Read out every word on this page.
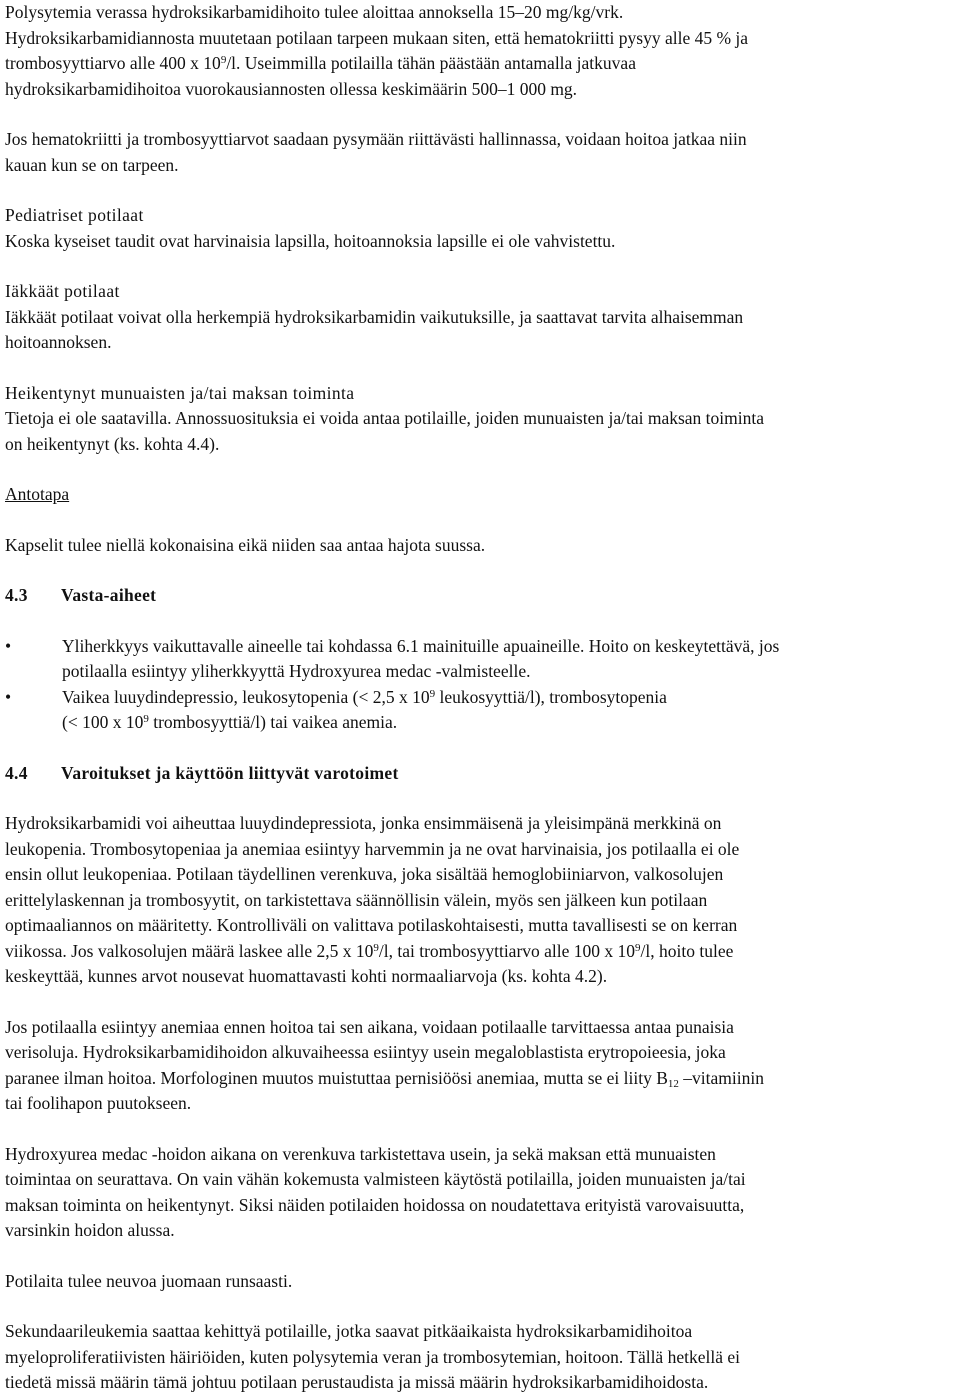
Polysytemia verassa hydroksikarbamidihoito tulee aloittaa annoksella 15–20 mg/kg/vrk.
Hydroksikarbamidiannosta muutetaan potilaan tarpeen mukaan siten, että hematokriitti pysyy alle 45 % ja
trombosyyttiarvo alle 400 x $10^9/l$. Useimmilla potilailla tähän päästään antamalla jatkuvaa
hydroksikarbamidihoitoa vuorokausiannosten ollessa keskimäärin 500–1 000 mg.

Jos hematokriitti ja trombosyyttiarvot saadaan pysymään riittävästi hallinnassa, voidaan hoitoa jatkaa niin
kauan kun se on tarpeen.

Pediatriset potilaat
Koska kyseiset taudit ovat harvinaisia lapsilla, hoitoannoksia lapsille ei ole vahvistettu.

Iäkkäät potilaat
Iäkkäät potilaat voivat olla herkempiä hydroksikarbamidin vaikutuksille, ja saattavat tarvita alhaisemman
hoitoannoksen.

Heikentynyt munuaisten ja/tai maksan toiminta
Tietoja ei ole saatavilla. Annossuosituksia ei voida antaa potilaille, joiden munuaisten ja/tai maksan toiminta
on heikentynyt (ks. kohta 4.4).

Antotapa

Kapselit tulee niellä kokonaisina eikä niiden saa antaa hajota suussa.

4.3	Vasta-aiheet
•	Yliherkkyys vaikuttavalle aineelle tai kohdassa 6.1 mainituille apuaineille. Hoito on keskeytettävä, jos
potilaalla esiintyy yliherkkyyttä Hydroxyurea medac -valmisteelle.
•	Vaikea luuydindepressio, leukosytopenia (< 2,5 x $10^9$ leukosyyttiä/l), trombosytopenia
(< 100 x $10^9$ trombosyyttiä/l) tai vaikea anemia.
4.4	Varoitukset ja käyttöön liittyvät varotoimet

Hydroksikarbamidi voi aiheuttaa luuydindepressiota, jonka ensimmäisenä ja yleisimpänä merkkinä on
leukopenia. Trombosytopeniaa ja anemiaa esiintyy harvemmin ja ne ovat harvinaisia, jos potilaalla ei ole
ensin ollut leukopeniaa. Potilaan täydellinen verenkuva, joka sisältää hemoglobiiniarvon, valkosolujen
erittelylaskennan ja trombosyytit, on tarkistettava säännöllisin välein, myös sen jälkeen kun potilaan
optimaaliannos on määritetty. Kontrolliväli on valittava potilaskohtaisesti, mutta tavallisesti se on kerran
viikossa. Jos valkosolujen määrä laskee alle 2,5 x $10^9/l$, tai trombosyyttiarvo alle 100 x $10^9/l$, hoito tulee
keskeyttää, kunnes arvot nousevat huomattavasti kohti normaaliarvoja (ks. kohta 4.2).

Jos potilaalla esiintyy anemiaa ennen hoitoa tai sen aikana, voidaan potilaalle tarvittaessa antaa punaisia
verisoluja. Hydroksikarbamidihoidon alkuvaiheessa esiintyy usein megaloblastista erytropoieesia, joka
paranee ilman hoitoa. Morfologinen muutos muistuttaa pernisiöösi anemiaa, mutta se ei liity $B_{12}$ –vitamiinin
tai foolihapon puutokseen.

Hydroxyurea medac -hoidon aikana on verenkuva tarkistettava usein, ja sekä maksan että munuaisten
toimintaa on seurattava. On vain vähän kokemusta valmisteen käytöstä potilailla, joiden munuaisten ja/tai
maksan toiminta on heikentynyt. Siksi näiden potilaiden hoidossa on noudatettava erityistä varovaisuutta,
varsinkin hoidon alussa.

Potilaita tulee neuvoa juomaan runsaasti.

Sekundaarileukemia saattaa kehittyä potilaille, jotka saavat pitkäaikaista hydroksikarbamidihoitoa
myeloproliferatiivisten häiriöiden, kuten polysytemia veran ja trombosytemian, hoitoon. Tällä hetkellä ei
tiedetä missä määrin tämä johtuu potilaan perustaudista ja missä määrin hydroksikarbamidihoidosta.
